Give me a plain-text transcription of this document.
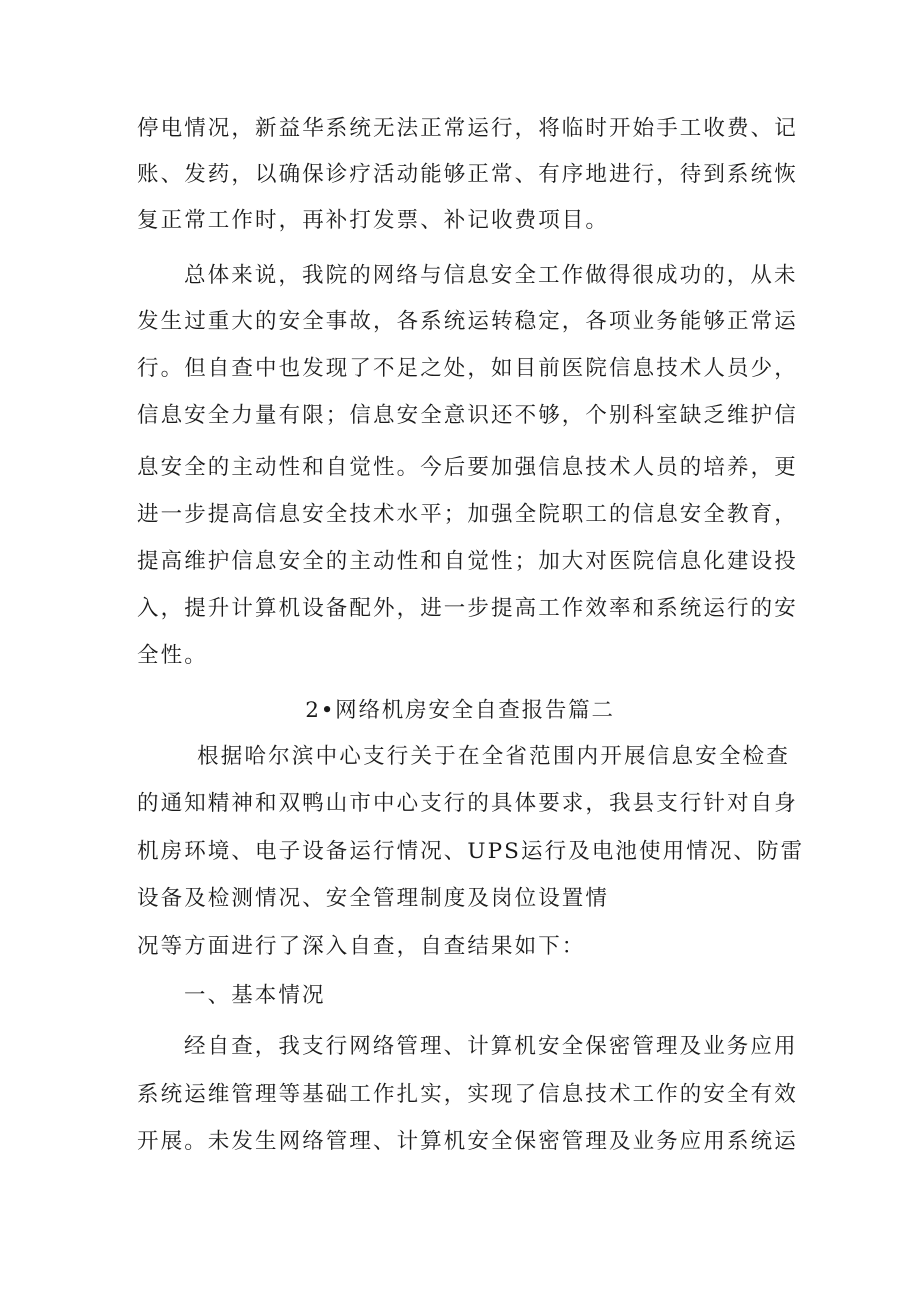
停电情况，新益华系统无法正常运行，将临时开始手工收费、记
账、发药，以确保诊疗活动能够正常、有序地进行，待到系统恢
复正常工作时，再补打发票、补记收费项目。
总体来说，我院的网络与信息安全工作做得很成功的，从未
发生过重大的安全事故，各系统运转稳定，各项业务能够正常运
行。但自查中也发现了不足之处，如目前医院信息技术人员少，
信息安全力量有限；信息安全意识还不够，个别科室缺乏维护信
息安全的主动性和自觉性。今后要加强信息技术人员的培养，更
进一步提高信息安全技术水平；加强全院职工的信息安全教育，
提高维护信息安全的主动性和自觉性；加大对医院信息化建设投
入，提升计算机设备配外，进一步提高工作效率和系统运行的安
全性。
2•网络机房安全自查报告篇二
根据哈尔滨中心支行关于在全省范围内开展信息安全检查
的通知精神和双鸭山市中心支行的具体要求，我县支行针对自身
机房环境、电子设备运行情况、UPS运行及电池使用情况、防雷
设备及检测情况、安全管理制度及岗位设置情
况等方面进行了深入自查，自查结果如下：
一、基本情况
经自查，我支行网络管理、计算机安全保密管理及业务应用
系统运维管理等基础工作扎实，实现了信息技术工作的安全有效
开展。未发生网络管理、计算机安全保密管理及业务应用系统运
